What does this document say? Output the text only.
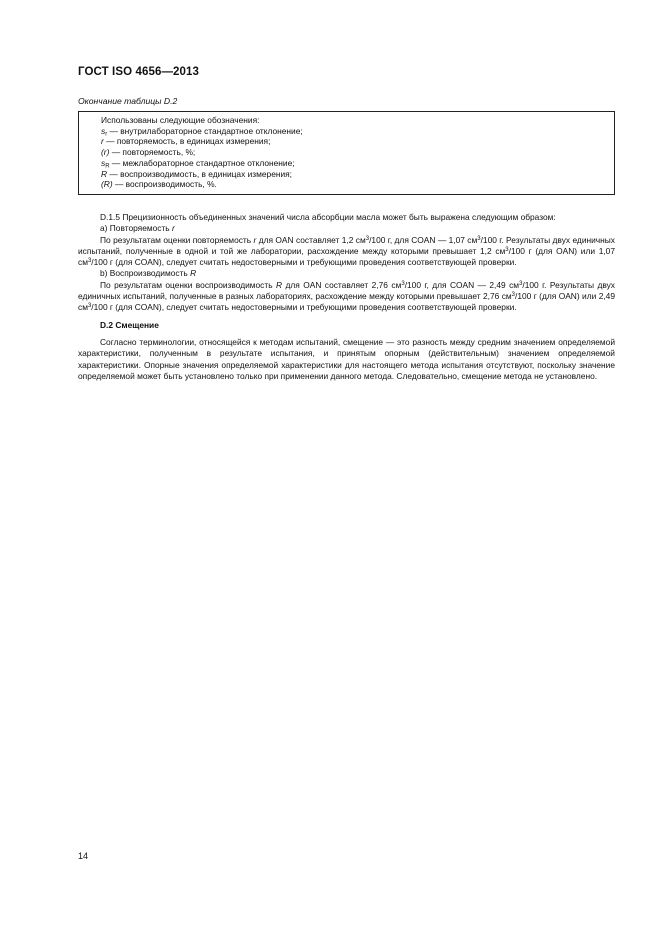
ГОСТ ISO 4656—2013
Окончание таблицы D.2
Использованы следующие обозначения:
$s_r$ — внутрилабораторное стандартное отклонение;
r — повторяемость, в единицах измерения;
(r) — повторяемость, %;
$s_R$ — межлабораторное стандартное отклонение;
R — воспроизводимость, в единицах измерения;
(R) — воспроизводимость, %.

D.1.5 Прецизионность объединенных значений числа абсорбции масла может быть выражена следующим образом:

a) Повторяемость r

По результатам оценки повторяемость r для OAN составляет 1,2 $см^3/100$ г, для COAN — 1,07 $см^3/100$ г. Результаты двух единичных испытаний, полученные в одной и той же лаборатории, расхождение между которыми превышает 1,2 $см^3/100$ г (для OAN) или 1,07 $см^3/100$ г (для COAN), следует считать недостоверными и требующими проведения соответствующей проверки.

b) Воспроизводимость R

По результатам оценки воспроизводимость R для OAN составляет 2,76 $см^3/100$ г, для COAN — 2,49 $см^3/100$ г. Результаты двух единичных испытаний, полученные в разных лабораториях, расхождение между которыми превышает 2,76 $см^3/100$ г (для OAN) или 2,49 $см^3/100$ г (для COAN), следует считать недостоверными и требующими проведения соответствующей проверки.

D.2 Смещение

Согласно терминологии, относящейся к методам испытаний, смещение — это разность между средним значением определяемой характеристики, полученным в результате испытания, и принятым опорным (действительным) значением определяемой характеристики. Опорные значения определяемой характеристики для настоящего метода испытания отсутствуют, поскольку значение определяемой может быть установлено только при применении данного метода. Следовательно, смещение метода не установлено.

14
